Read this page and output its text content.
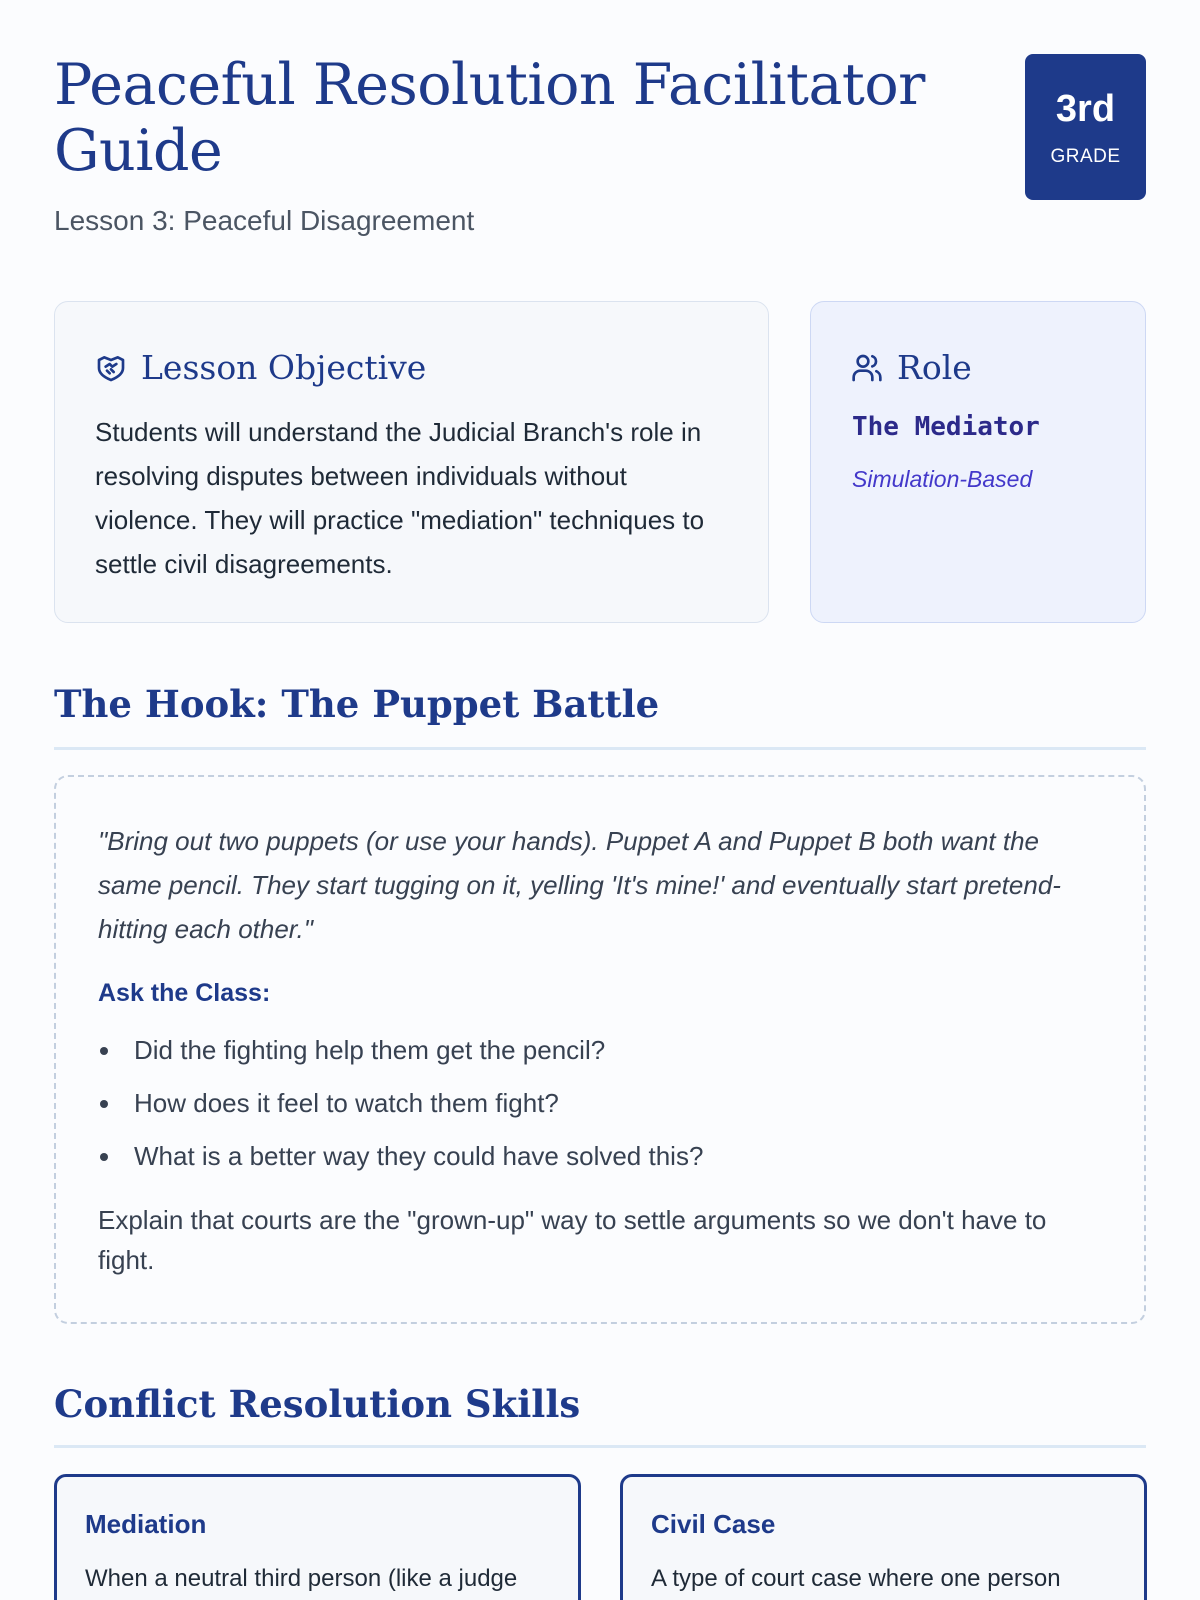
Peaceful Resolution Facilitator Guide
Lesson 3: Peaceful Disagreement
3rd
GRADE
Lesson Objective

Students will understand the Judicial Branch's role in resolving disputes between individuals without violence. They will practice "mediation" techniques to settle civil disagreements.

Role
The Mediator
Simulation-Based
The Hook: The Puppet Battle

"Bring out two puppets (or use your hands). Puppet A and Puppet B both want the same pencil. They start tugging on it, yelling 'It's mine!' and eventually start pretend-hitting each other."

Ask the Class:
Did the fighting help them get the pencil?
How does it feel to watch them fight?
What is a better way they could have solved this?

Explain that courts are the "grown-up" way to settle arguments so we don't have to fight.

Conflict Resolution Skills
Mediation
When a neutral third person (like a judge
Civil Case
A type of court case where one person
